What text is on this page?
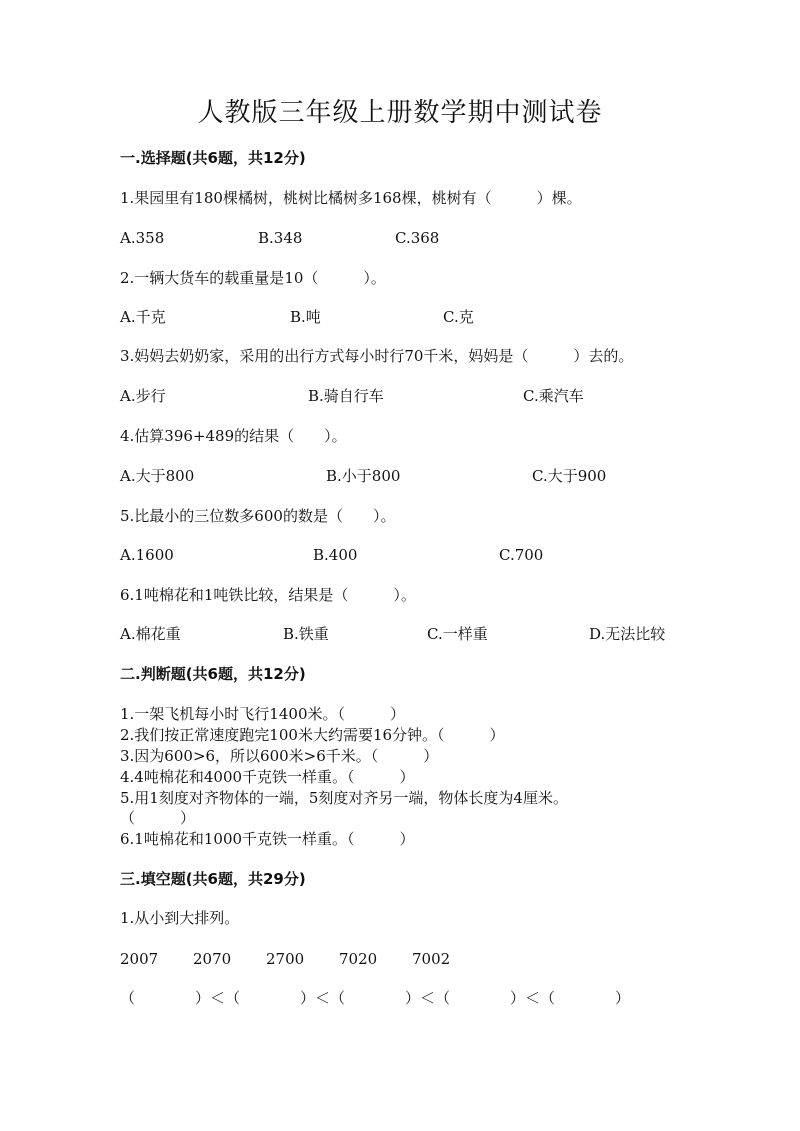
人教版三年级上册数学期中测试卷
一.选择题(共6题，共12分)
1.果园里有180棵橘树，桃树比橘树多168棵，桃树有（　　　）棵。
A.358	B.348	C.368
2.一辆大货车的载重量是10（　　　）。
A.千克	B.吨	C.克
3.妈妈去奶奶家，采用的出行方式每小时行70千米，妈妈是（　　　）去的。
A.步行	B.骑自行车	C.乘汽车
4.估算396+489的结果（　　）。
A.大于800	B.小于800	C.大于900
5.比最小的三位数多600的数是（　　）。
A.1600	B.400	C.700
6.1吨棉花和1吨铁比较，结果是（　　　）。
A.棉花重	B.铁重	C.一样重	D.无法比较
二.判断题(共6题，共12分)
1.一架飞机每小时飞行1400米。（　　　）
2.我们按正常速度跑完100米大约需要16分钟。（　　　）
3.因为600>6，所以600米>6千米。（　　　）
4.4吨棉花和4000千克铁一样重。（　　　）
5.用1刻度对齐物体的一端，5刻度对齐另一端，物体长度为4厘米。
（　　　）
6.1吨棉花和1000千克铁一样重。（　　　）
三.填空题(共6题，共29分)
1.从小到大排列。
2007 2070 2700 7020 7002
（　　　　）＜（　　　　）＜（　　　　）＜（　　　　）＜（　　　　）
